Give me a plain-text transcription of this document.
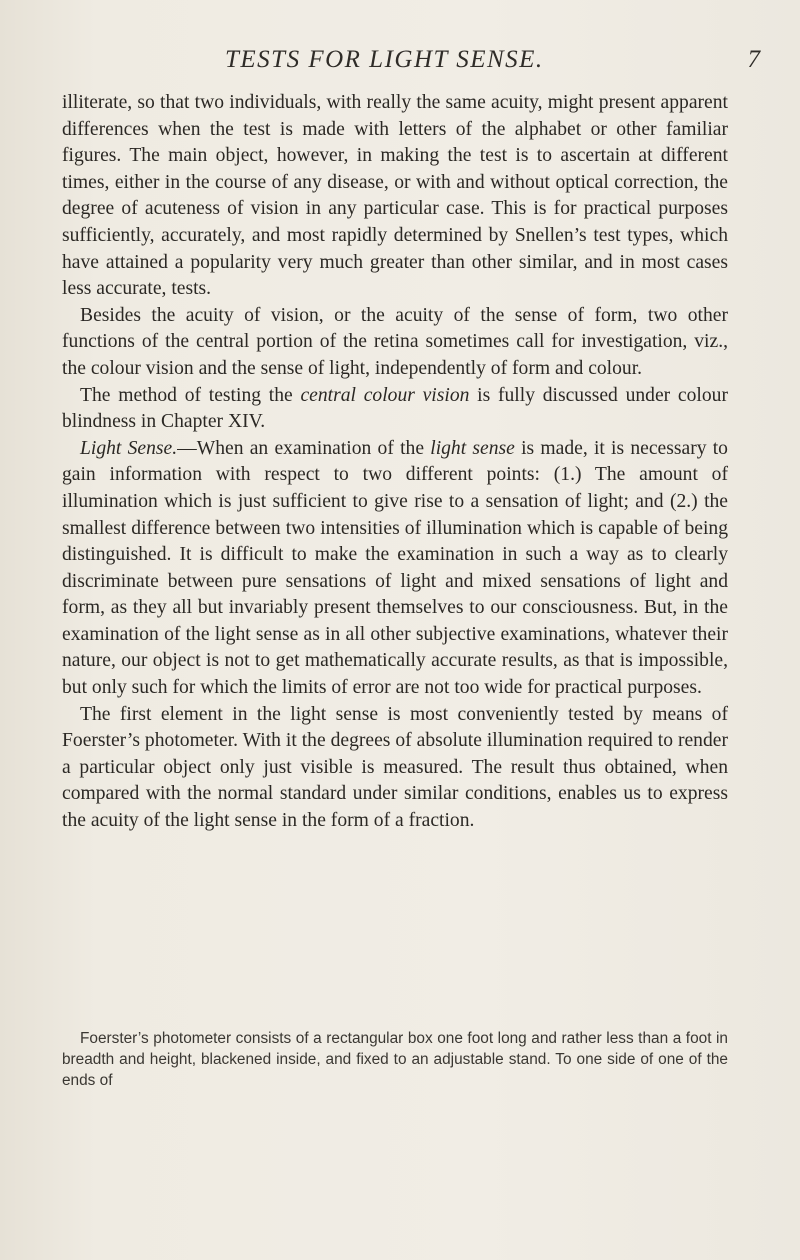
TESTS FOR LIGHT SENSE.	7

illiterate, so that two individuals, with really the same acuity, might present apparent differences when the test is made with letters of the alphabet or other familiar figures. The main object, however, in making the test is to ascertain at different times, either in the course of any disease, or with and without optical correction, the degree of acuteness of vision in any particular case. This is for practical purposes sufficiently, accurately, and most rapidly determined by Snellen’s test types, which have attained a popularity very much greater than other similar, and in most cases less accurate, tests.

Besides the acuity of vision, or the acuity of the sense of form, two other functions of the central portion of the retina sometimes call for investigation, viz., the colour vision and the sense of light, independently of form and colour.

The method of testing the central colour vision is fully discussed under colour blindness in Chapter XIV.

Light Sense.—When an examination of the light sense is made, it is necessary to gain information with respect to two different points: (1.) The amount of illumination which is just sufficient to give rise to a sensation of light; and (2.) the smallest difference between two intensities of illumination which is capable of being distinguished. It is difficult to make the examination in such a way as to clearly discriminate between pure sensations of light and mixed sensations of light and form, as they all but invariably present themselves to our consciousness. But, in the examination of the light sense as in all other subjective examinations, whatever their nature, our object is not to get mathematically accurate results, as that is impossible, but only such for which the limits of error are not too wide for practical purposes.

The first element in the light sense is most conveniently tested by means of Foerster’s photometer. With it the degrees of absolute illumination required to render a particular object only just visible is measured. The result thus obtained, when compared with the normal standard under similar conditions, enables us to express the acuity of the light sense in the form of a fraction.

Foerster’s photometer consists of a rectangular box one foot long and rather less than a foot in breadth and height, blackened inside, and fixed to an adjustable stand. To one side of one of the ends of
